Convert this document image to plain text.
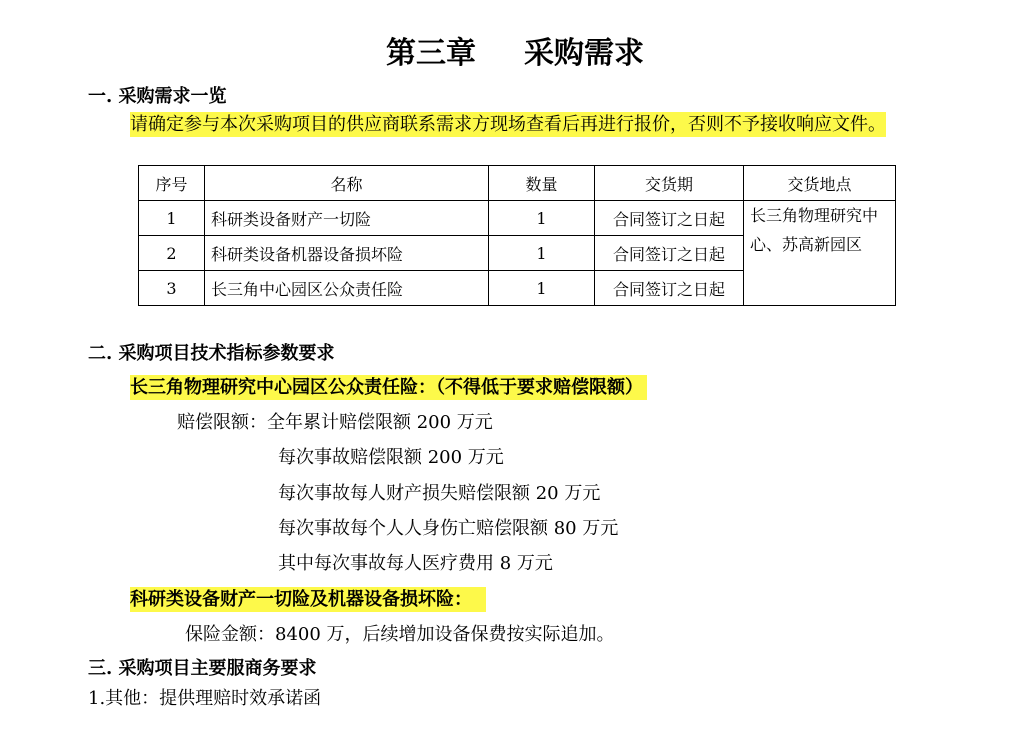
第三章 采购需求
一. 采购需求一览
请确定参与本次采购项目的供应商联系需求方现场查看后再进行报价，否则不予接收响应文件。
序号	名称	数量	交货期	交货地点
1	科研类设备财产一切险	1	合同签订之日起	长三角物理研究中心、苏高新园区
2	科研类设备机器设备损坏险	1	合同签订之日起	
3	长三角中心园区公众责任险	1	合同签订之日起	
二. 采购项目技术指标参数要求
长三角物理研究中心园区公众责任险：（不得低于要求赔偿限额）
赔偿限额：全年累计赔偿限额 200 万元
每次事故赔偿限额 200 万元
每次事故每人财产损失赔偿限额 20 万元
每次事故每个人人身伤亡赔偿限额 80 万元
其中每次事故每人医疗费用 8 万元
科研类设备财产一切险及机器设备损坏险：
保险金额：8400 万，后续增加设备保费按实际追加。
三. 采购项目主要服商务要求
1.其他：提供理赔时效承诺函
